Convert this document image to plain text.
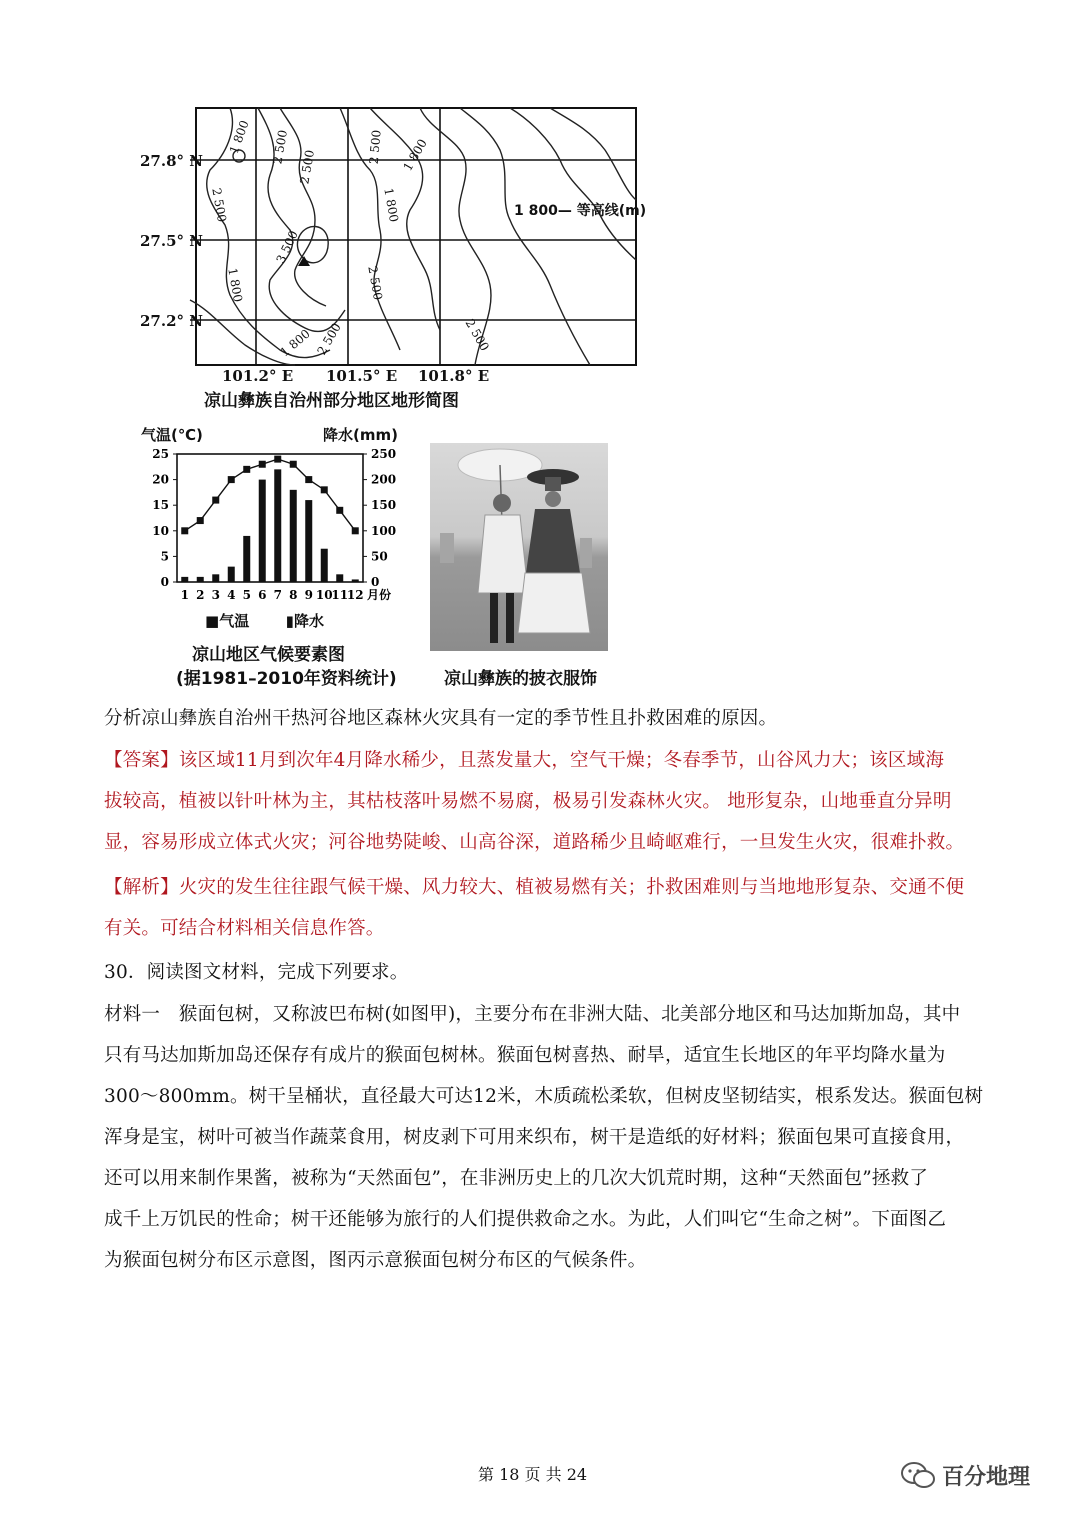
27.8° N
27.5° N
27.2° N
101.2° E 101.5° E 101.8° E
1 800 2 500
2 500
2 500 1 800
1 800
2 500
3 500
1 800	2 500
1 800 2 500	2 500
1 800— 等高线(m)
凉山彝族自治州部分地区地形简图
气温(℃)	降水(mm)
0
5
10
15
20
25
0
50
100
150
200
250
1 2 3 4 5 6 7 8 9 10
11
12 月份
■气温 ▮降水
凉山地区气候要素图
(据1981–2010年资料统计)	凉山彝族的披衣服饰
分析凉山彝族自治州干热河谷地区森林火灾具有一定的季节性且扑救困难的原因。
【答案】该区域11月到次年4月降水稀少，且蒸发量大，空气干燥；冬春季节，山谷风力大；该区域海
拔较高，植被以针叶林为主，其枯枝落叶易燃不易腐，极易引发森林火灾。 地形复杂，山地垂直分异明
显，容易形成立体式火灾；河谷地势陡峻、山高谷深，道路稀少且崎岖难行，一旦发生火灾，很难扑救。
【解析】火灾的发生往往跟气候干燥、风力较大、植被易燃有关；扑救困难则与当地地形复杂、交通不便
有关。可结合材料相关信息作答。
30．阅读图文材料，完成下列要求。
材料一　猴面包树，又称波巴布树(如图甲)，主要分布在非洲大陆、北美部分地区和马达加斯加岛，其中
只有马达加斯加岛还保存有成片的猴面包树林。猴面包树喜热、耐旱，适宜生长地区的年平均降水量为
300～800mm。树干呈桶状，直径最大可达12米，木质疏松柔软，但树皮坚韧结实，根系发达。猴面包树
浑身是宝，树叶可被当作蔬菜食用，树皮剥下可用来织布，树干是造纸的好材料；猴面包果可直接食用，
还可以用来制作果酱，被称为“天然面包”，在非洲历史上的几次大饥荒时期，这种“天然面包”拯救了
成千上万饥民的性命；树干还能够为旅行的人们提供救命之水。为此，人们叫它“生命之树”。下面图乙
为猴面包树分布区示意图，图丙示意猴面包树分布区的气候条件。
第 18 页 共 24	百分地理
